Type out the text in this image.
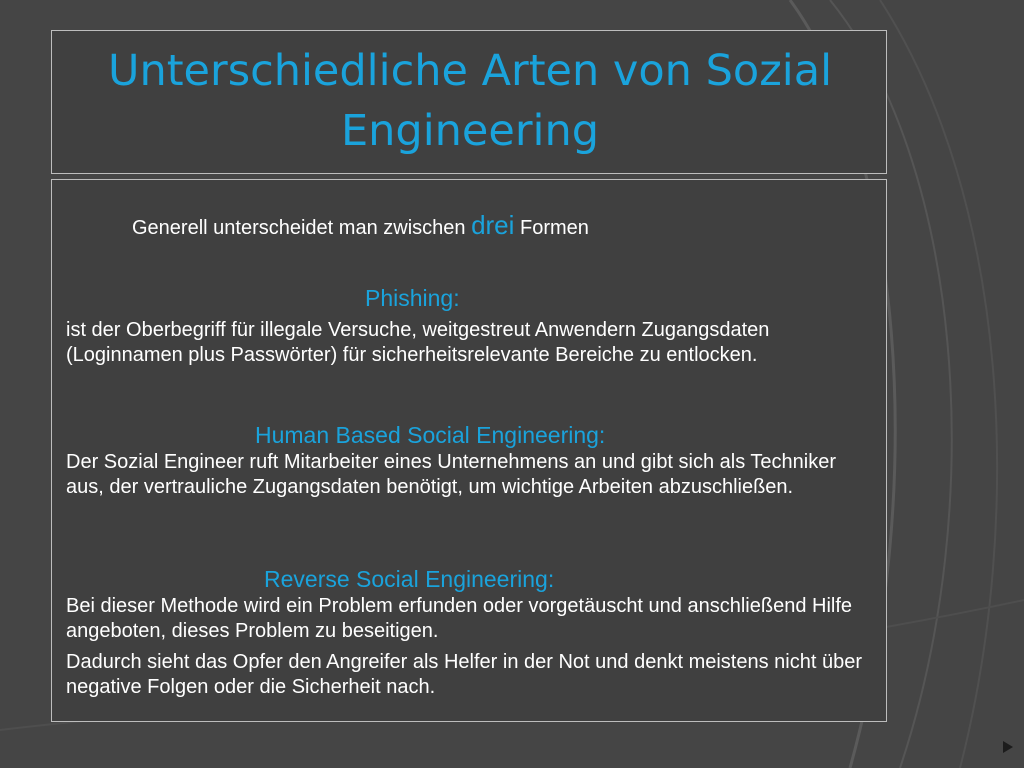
Unterschiedliche Arten von Sozial Engineering

Generell unterscheidet man zwischen drei Formen

Phishing:

ist der Oberbegriff für illegale Versuche, weitgestreut Anwendern Zugangsdaten (Loginnamen plus Passwörter) für sicherheitsrelevante Bereiche zu entlocken.

Human Based Social Engineering:

Der Sozial Engineer ruft Mitarbeiter eines Unternehmens an und gibt sich als Techniker aus, der vertrauliche Zugangsdaten benötigt, um wichtige Arbeiten abzuschließen.

Reverse Social Engineering:

Bei dieser Methode wird ein Problem erfunden oder vorgetäuscht und anschließend Hilfe angeboten, dieses Problem zu beseitigen.

Dadurch sieht das Opfer den Angreifer als Helfer in der Not und denkt meistens nicht über negative Folgen oder die Sicherheit nach.
